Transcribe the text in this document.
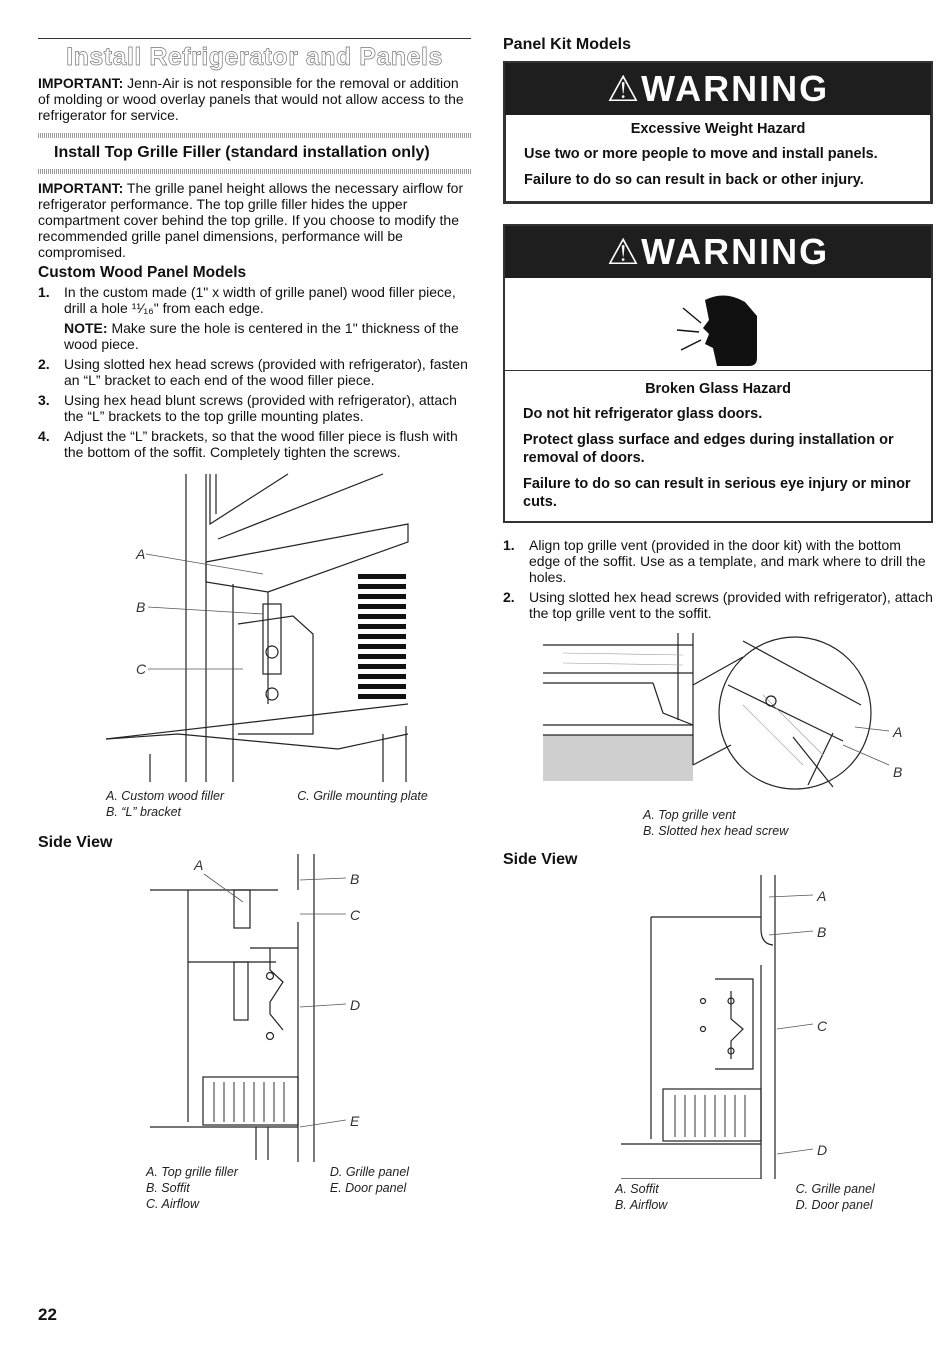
Install Refrigerator and Panels

IMPORTANT: Jenn-Air is not responsible for the removal or addition of molding or wood overlay panels that would not allow access to the refrigerator for service.

Install Top Grille Filler (standard installation only)

IMPORTANT: The grille panel height allows the necessary airflow for refrigerator performance. The top grille filler hides the upper compartment cover behind the top grille. If you choose to modify the recommended grille panel dimensions, performance will be compromised.

Custom Wood Panel Models
1. In the custom made (1" x width of grille panel) wood filler piece, drill a hole ¹¹⁄₁₆" from each edge.
NOTE: Make sure the hole is centered in the 1" thickness of the wood piece.
2. Using slotted hex head screws (provided with refrigerator), fasten an “L” bracket to each end of the wood filler piece.
3. Using hex head blunt screws (provided with refrigerator), attach the “L” brackets to the top grille mounting plates.
4. Adjust the “L” brackets, so that the wood filler piece is flush with the bottom of the soffit. Completely tighten the screws.
A
B
C
A. Custom wood filler	C. Grille mounting plate
B. “L” bracket
Side View
A
B
C
D
E
A. Top grille filler	D. Grille panel
B. Soffit	E. Door panel
C. Airflow
Panel Kit Models
⚠WARNING
Excessive Weight Hazard
Use two or more people to move and install panels.
Failure to do so can result in back or other injury.
⚠WARNING
Broken Glass Hazard
Do not hit refrigerator glass doors.
Protect glass surface and edges during installation or removal of doors.
Failure to do so can result in serious eye injury or minor cuts.
1. Align top grille vent (provided in the door kit) with the bottom edge of the soffit. Use as a template, and mark where to drill the holes.
2. Using slotted hex head screws (provided with refrigerator), attach the top grille vent to the soffit.
A
B
A. Top grille vent
B. Slotted hex head screw
Side View
A
B
C
D
A. Soffit	C. Grille panel
B. Airflow	D. Door panel
22
